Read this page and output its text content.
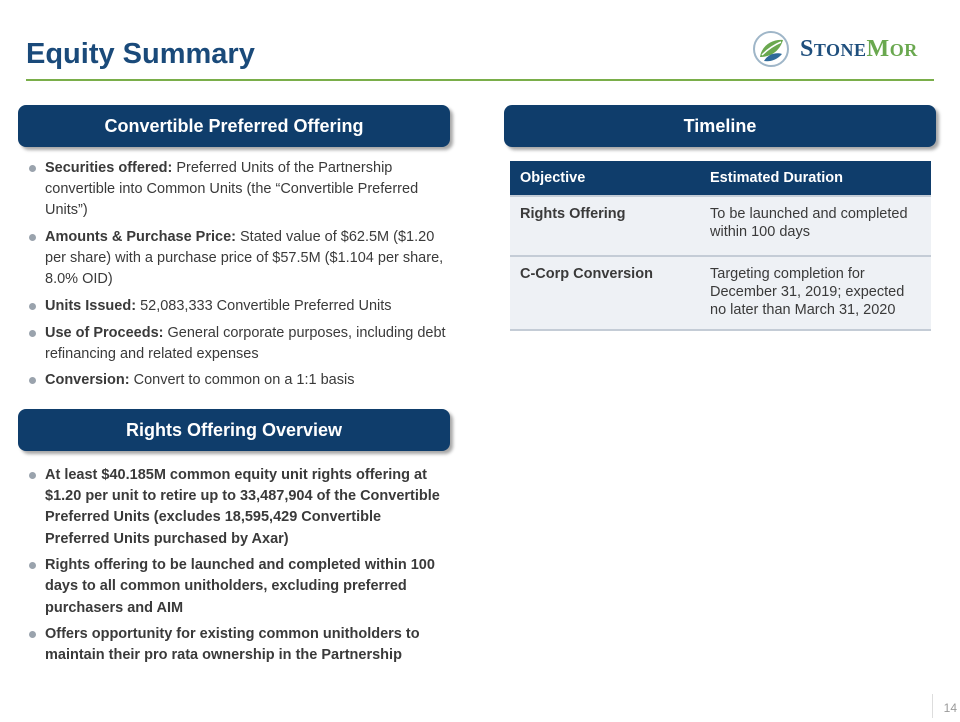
Equity Summary	STONEMOR
Convertible Preferred Offering
Securities offered: Preferred Units of the Partnership convertible into Common Units (the “Convertible Preferred Units”)
Amounts & Purchase Price: Stated value of $62.5M ($1.20 per share) with a purchase price of $57.5M ($1.104 per share, 8.0% OID)
Units Issued: 52,083,333 Convertible Preferred Units
Use of Proceeds: General corporate purposes, including debt refinancing and related expenses
Conversion: Convert to common on a 1:1 basis
Rights Offering Overview
At least $40.185M common equity unit rights offering at $1.20 per unit to retire up to 33,487,904 of the Convertible Preferred Units (excludes 18,595,429 Convertible Preferred Units purchased by Axar)
Rights offering to be launched and completed within 100 days to all common unitholders, excluding preferred purchasers and AIM
Offers opportunity for existing common unitholders to maintain their pro rata ownership in the Partnership
Timeline
Objective	Estimated Duration
Rights Offering	To be launched and completed within 100 days
C-Corp Conversion	Targeting completion for December 31, 2019; expected no later than March 31, 2020
14
